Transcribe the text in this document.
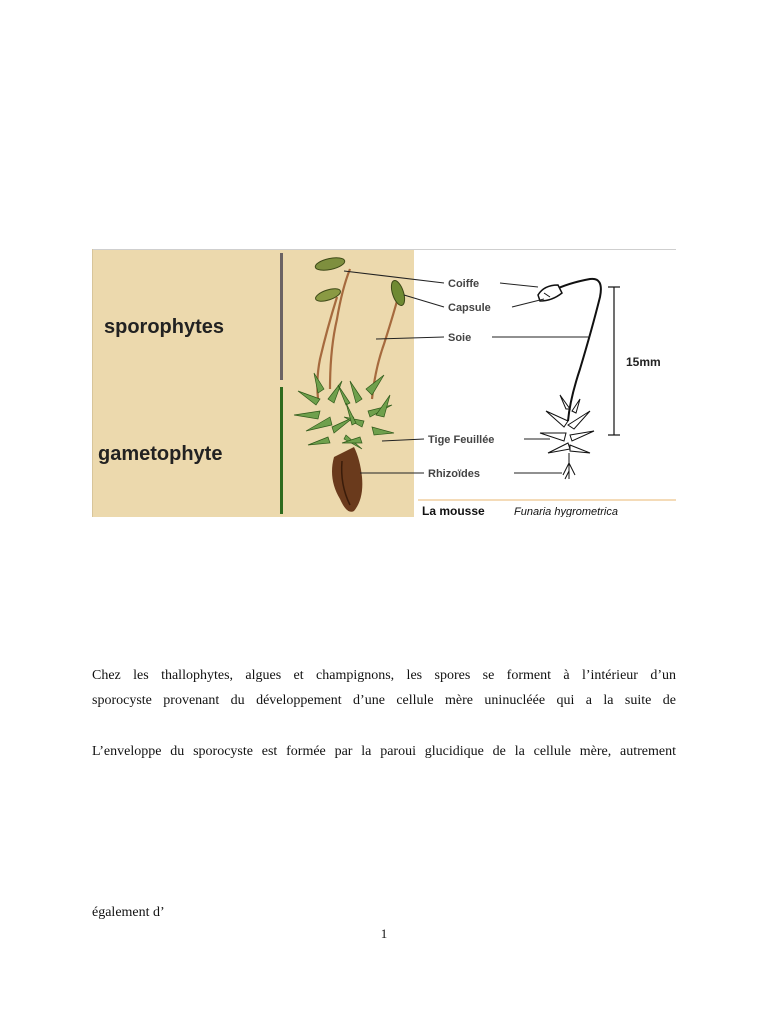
sporophytes
gametophyte
Coiffe
Capsule
Soie
Tige Feuillée
Rhizoïdes
15mm
La mousse	Funaria hygrometrica
Chez les thallophytes, algues et champignons, les spores se forment à l’intérieur d’un
sporocyste provenant du développement d’une cellule mère uninucléée qui a la suite de
L’enveloppe du sporocyste est formée par la paroui glucidique de la cellule mère, autrement
également d’
1
